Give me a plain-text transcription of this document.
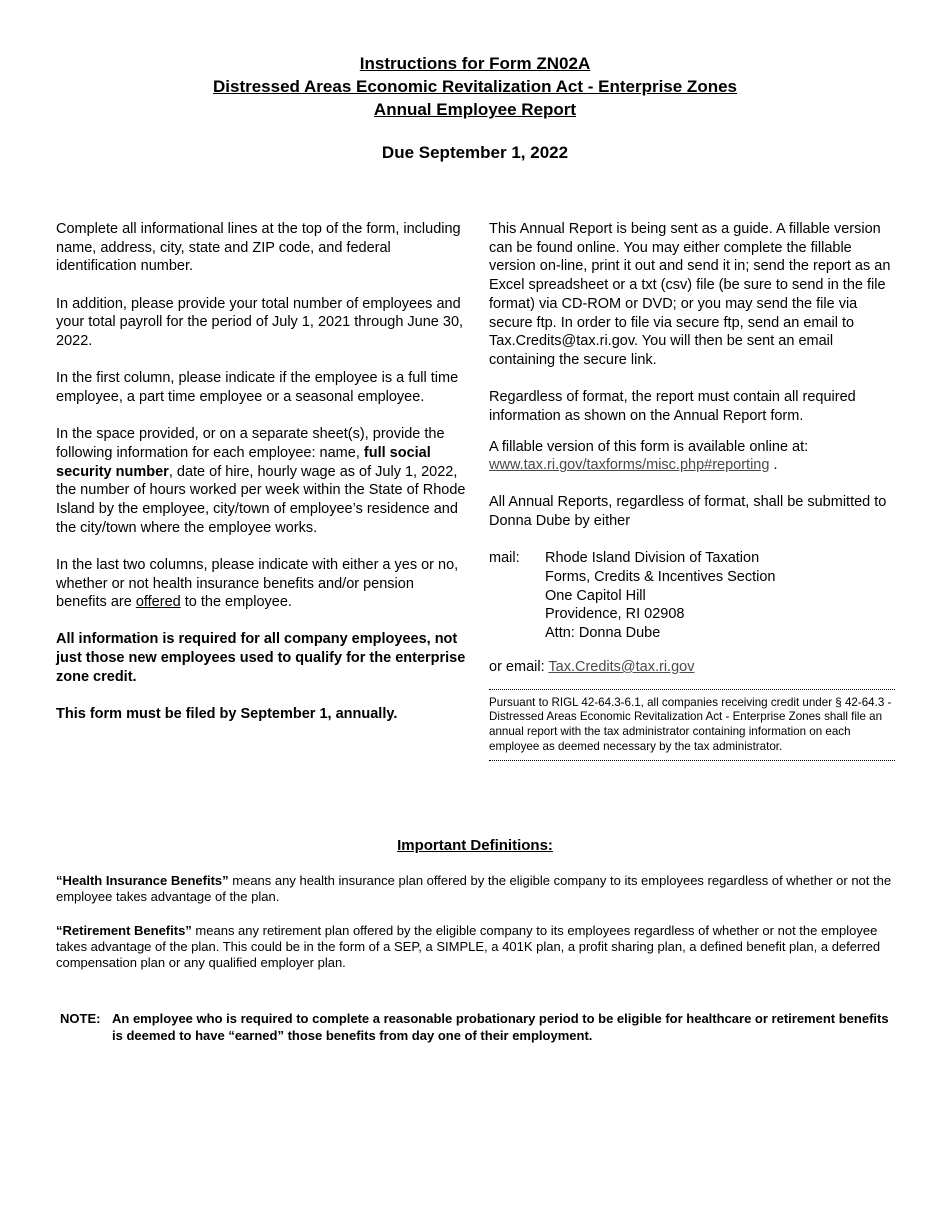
Instructions for Form ZN02A
Distressed Areas Economic Revitalization Act - Enterprise Zones
Annual Employee Report
Due September 1, 2022

Complete all informational lines at the top of the form, including name, address, city, state and ZIP code, and federal identification number.

In addition, please provide your total number of employees and your total payroll for the period of July 1, 2021 through June 30, 2022.

In the first column, please indicate if the employee is a full time employee, a part time employee or a seasonal employee.

In the space provided, or on a separate sheet(s), provide the following information for each employee: name, full social security number, date of hire, hourly wage as of July 1, 2022, the number of hours worked per week within the State of Rhode Island by the employee, city/town of employee’s residence and the city/town where the employee works.

In the last two columns, please indicate with either a yes or no, whether or not health insurance benefits and/or pension benefits are offered to the employee.

All information is required for all company employees, not just those new employees used to qualify for the enterprise zone credit.

This form must be filed by September 1, annually.

This Annual Report is being sent as a guide. A fillable version can be found online. You may either complete the fillable version on-line, print it out and send it in; send the report as an Excel spreadsheet or a txt (csv) file (be sure to send in the file format) via CD-ROM or DVD; or you may send the file via secure ftp. In order to file via secure ftp, send an email to Tax.Credits@tax.ri.gov. You will then be sent an email containing the secure link.

Regardless of format, the report must contain all required information as shown on the Annual Report form.

A fillable version of this form is available online at:
www.tax.ri.gov/taxforms/misc.php#reporting .

All Annual Reports, regardless of format, shall be submitted to Donna Dube by either

mail:	Rhode Island Division of Taxation
Forms, Credits & Incentives Section
One Capitol Hill
Providence, RI 02908
Attn: Donna Dube
or email: Tax.Credits@tax.ri.gov
Pursuant to RIGL 42-64.3-6.1, all companies receiving credit under § 42-64.3 - Distressed Areas Economic Revitalization Act - Enterprise Zones shall file an annual report with the tax administrator containing information on each employee as deemed necessary by the tax administrator.
Important Definitions:

“Health Insurance Benefits” means any health insurance plan offered by the eligible company to its employees regardless of whether or not the employee takes advantage of the plan.

“Retirement Benefits” means any retirement plan offered by the eligible company to its employees regardless of whether or not the employee takes advantage of the plan. This could be in the form of a SEP, a SIMPLE, a 401K plan, a profit sharing plan, a defined benefit plan, a deferred compensation plan or any qualified employer plan.

NOTE: An employee who is required to complete a reasonable probationary period to be eligible for healthcare or retirement benefits is deemed to have “earned” those benefits from day one of their employment.
